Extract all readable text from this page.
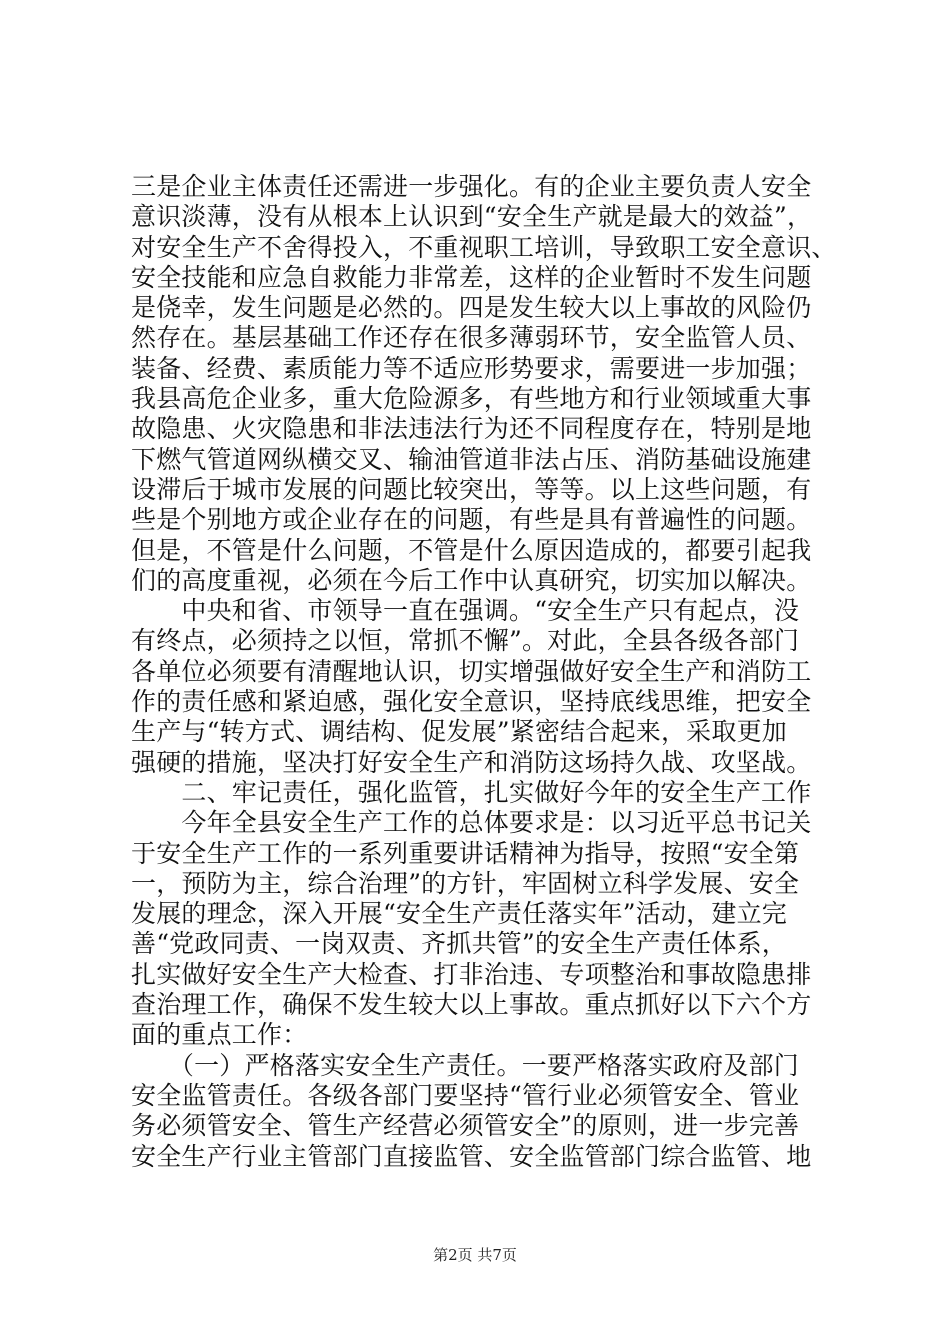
三是企业主体责任还需进一步强化。有的企业主要负责人安全
意识淡薄，没有从根本上认识到“安全生产就是最大的效益”，
对安全生产不舍得投入，不重视职工培训，导致职工安全意识、
安全技能和应急自救能力非常差，这样的企业暂时不发生问题
是侥幸，发生问题是必然的。四是发生较大以上事故的风险仍
然存在。基层基础工作还存在很多薄弱环节，安全监管人员、
装备、经费、素质能力等不适应形势要求，需要进一步加强；
我县高危企业多，重大危险源多，有些地方和行业领域重大事
故隐患、火灾隐患和非法违法行为还不同程度存在，特别是地
下燃气管道网纵横交叉、输油管道非法占压、消防基础设施建
设滞后于城市发展的问题比较突出，等等。以上这些问题，有
些是个别地方或企业存在的问题，有些是具有普遍性的问题。
但是，不管是什么问题，不管是什么原因造成的，都要引起我
们的高度重视，必须在今后工作中认真研究，切实加以解决。
　　中央和省、市领导一直在强调。“安全生产只有起点，没
有终点，必须持之以恒，常抓不懈”。对此，全县各级各部门
各单位必须要有清醒地认识，切实增强做好安全生产和消防工
作的责任感和紧迫感，强化安全意识，坚持底线思维，把安全
生产与“转方式、调结构、促发展”紧密结合起来，采取更加
强硬的措施，坚决打好安全生产和消防这场持久战、攻坚战。
　　二、牢记责任，强化监管，扎实做好今年的安全生产工作
　　今年全县安全生产工作的总体要求是：以习近平总书记关
于安全生产工作的一系列重要讲话精神为指导，按照“安全第
一，预防为主，综合治理”的方针，牢固树立科学发展、安全
发展的理念，深入开展“安全生产责任落实年”活动，建立完
善“党政同责、一岗双责、齐抓共管”的安全生产责任体系，
扎实做好安全生产大检查、打非治违、专项整治和事故隐患排
查治理工作，确保不发生较大以上事故。重点抓好以下六个方
面的重点工作：
　　（一）严格落实安全生产责任。一要严格落实政府及部门
安全监管责任。各级各部门要坚持“管行业必须管安全、管业
务必须管安全、管生产经营必须管安全”的原则，进一步完善
安全生产行业主管部门直接监管、安全监管部门综合监管、地
第2页 共7页
